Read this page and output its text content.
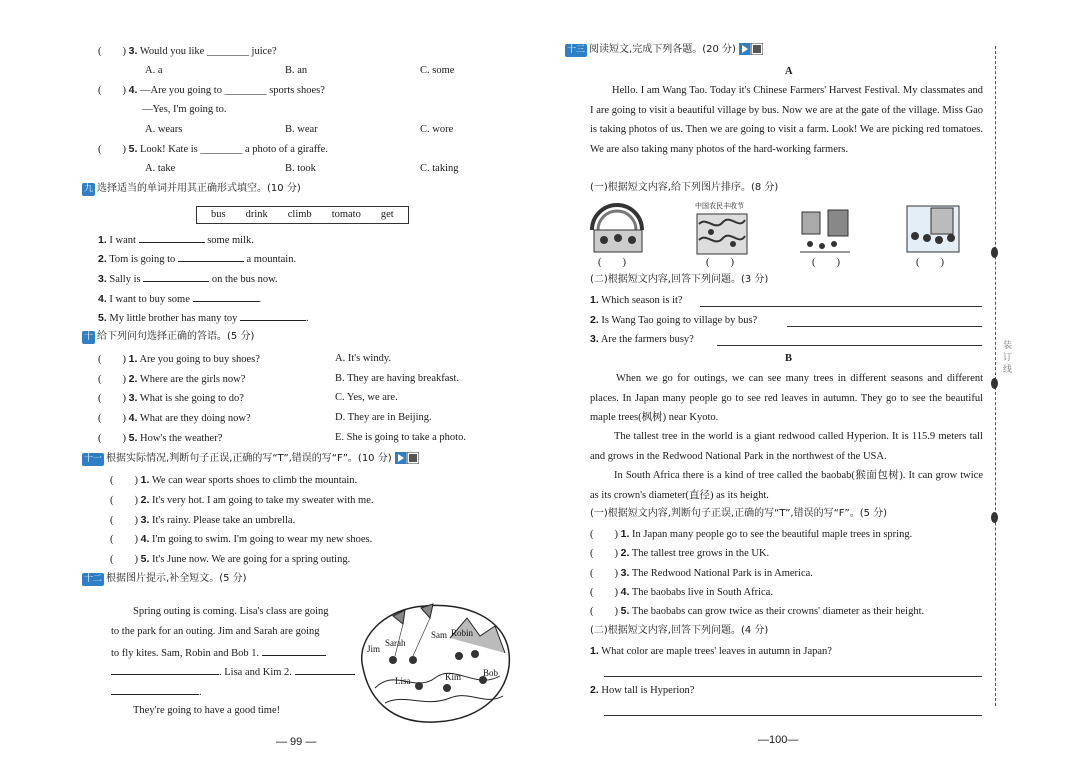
(　　) 3. Would you like ________ juice?
A. a	B. an	C. some
(　　) 4. —Are you going to ________ sports shoes?
—Yes, I'm going to.
A. wears	B. wear	C. wore
(　　) 5. Look! Kate is ________ a photo of a giraffe.
A. take	B. took	C. taking
九 选择适当的单词并用其正确形式填空。(10 分)
bus drink climb tomato get
1. I want	some milk.
2. Tom is going to	a mountain.
3. Sally is	on the bus now.
4. I want to buy some	.
5. My little brother has many toy	.
十 给下列问句选择正确的答语。(5 分)
(　　) 1. Are you going to buy shoes?
(　　) 2. Where are the girls now?
(　　) 3. What is she going to do?
(　　) 4. What are they doing now?
(　　) 5. How's the weather?
A. It's windy.
B. They are having breakfast.
C. Yes, we are.
D. They are in Beijing.
E. She is going to take a photo.
十一 根据实际情况,判断句子正误,正确的写“T”,错误的写“F”。(10 分)
(　　) 1. We can wear sports shoes to climb the mountain.
(　　) 2. It's very hot. I am going to take my sweater with me.
(　　) 3. It's rainy. Please take an umbrella.
(　　) 4. I'm going to swim. I'm going to wear my new shoes.
(　　) 5. It's June now. We are going for a spring outing.
十二 根据图片提示,补全短文。(5 分)
Spring outing is coming. Lisa's class are going
to the park for an outing. Jim and Sarah are going
to fly kites. Sam, Robin and Bob 1.
. Lisa and Kim 2.
.
They're going to have a good time!
Jim
Sarah
Sam Robin
Lisa	Kim Bob
— 99 —
十三 阅读短文,完成下列各题。(20 分)
A
Hello. I am Wang Tao. Today it's Chinese Farmers' Harvest Festival. My classmates and I are going to visit a beautiful village by bus. Now we are at the gate of the village. Miss Gao is taking photos of us. Then we are going to visit a farm. Look! We are picking red tomatoes. We are also taking many photos of the hard-working farmers.
(一)根据短文内容,给下列图片排序。(8 分)
中国农民丰收节
(　　)	(　　)	(　　)	(　　)
(二)根据短文内容,回答下列问题。(3 分)
1. Which season is it?
2. Is Wang Tao going to village by bus?
3. Are the farmers busy?
B
When we go for outings, we can see many trees in different seasons and different places. In Japan many people go to see red leaves in autumn. They go to see the beautiful maple trees(枫树) near Kyoto.
The tallest tree in the world is a giant redwood called Hyperion. It is 115.9 meters tall and grows in the Redwood National Park in the northwest of the USA.
In South Africa there is a kind of tree called the baobab(猴面包树). It can grow twice as its crown's diameter(直径) as its height.
(一)根据短文内容,判断句子正误,正确的写“T”,错误的写“F”。(5 分)
(　　) 1. In Japan many people go to see the beautiful maple trees in spring.
(　　) 2. The tallest tree grows in the UK.
(　　) 3. The Redwood National Park is in America.
(　　) 4. The baobabs live in South Africa.
(　　) 5. The baobabs can grow twice as their crowns' diameter as their height.
(二)根据短文内容,回答下列问题。(4 分)
1. What color are maple trees' leaves in autumn in Japan?
2. How tall is Hyperion?
—100—
装订线
